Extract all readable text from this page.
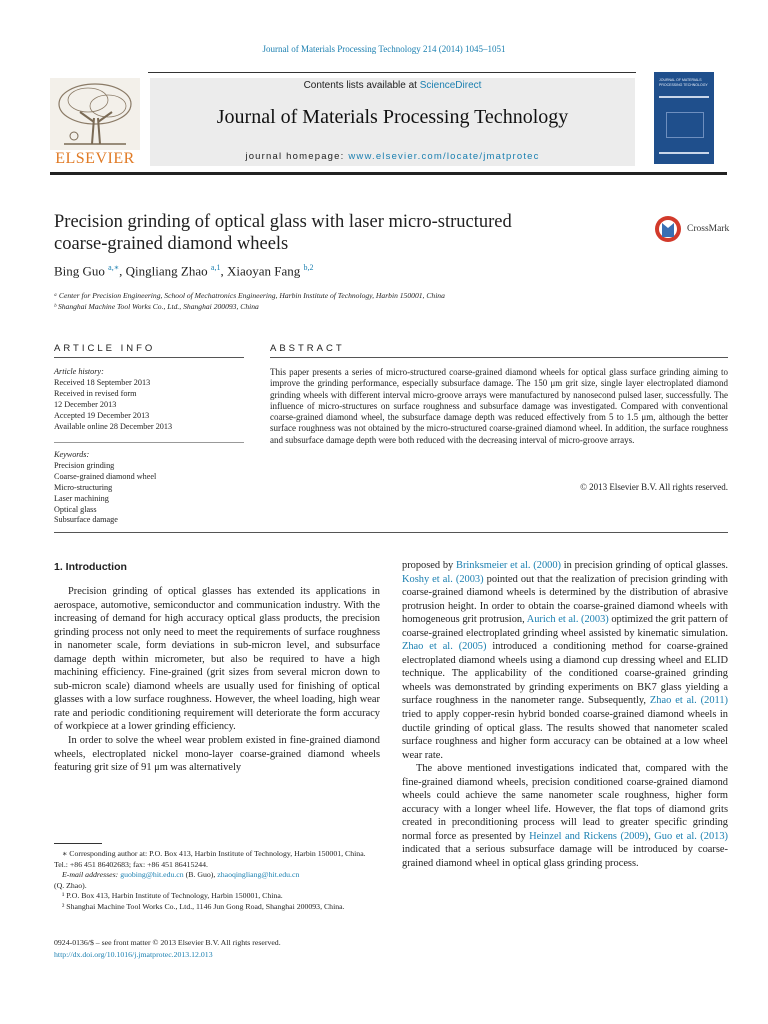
Journal of Materials Processing Technology 214 (2014) 1045–1051
ELSEVIER
Contents lists available at ScienceDirect
Journal of Materials Processing Technology
journal homepage: www.elsevier.com/locate/jmatprotec
JOURNAL OF MATERIALS PROCESSING TECHNOLOGY
Precision grinding of optical glass with laser micro-structured
coarse-grained diamond wheels
CrossMark
Bing Guo $^{a,∗}$, Qingliang Zhao $^{a,1}$, Xiaoyan Fang $^{b,2}$
ᵃ Center for Precision Engineering, School of Mechatronics Engineering, Harbin Institute of Technology, Harbin 150001, China
ᵇ Shanghai Machine Tool Works Co., Ltd., Shanghai 200093, China
ARTICLE INFO	ABSTRACT
Article history:
Received 18 September 2013
Received in revised form
12 December 2013
Accepted 19 December 2013
Available online 28 December 2013
Keywords:
Precision grinding
Coarse-grained diamond wheel
Micro-structuring
Laser machining
Optical glass
Subsurface damage
This paper presents a series of micro-structured coarse-grained diamond wheels for optical glass surface grinding aiming to improve the grinding performance, especially subsurface damage. The 150 μm grit size, single layer electroplated diamond grinding wheels with different interval micro-groove arrays were manufactured by nanosecond pulsed laser, successfully. The influence of micro-structures on surface roughness and subsurface damage was investigated. Compared with conventional coarse-grained diamond wheel, the subsurface damage depth was reduced effectively from 5 to 1.5 μm, although the better surface roughness was not obtained by the micro-structured coarse-grained diamond wheel. In addition, the surface roughness and subsurface damage depth were both reduced with the decreasing interval of micro-groove arrays.
© 2013 Elsevier B.V. All rights reserved.
1. Introduction

Precision grinding of optical glasses has extended its applications in aerospace, automotive, semiconductor and communication industry. With the increasing of demand for high accuracy optical glass products, the precision grinding process not only need to meet the requirements of surface roughness in nanometer scale, form deviations in sub-micron level, and subsurface damage depth within micrometer, but also be required to have a high machining efficiency. Fine-grained (grit sizes from several micron down to sub-micron scale) diamond wheels are usually used for finishing of optical glasses with a low surface roughness. However, the wheel loading, high wear rate and periodic conditioning requirement will deteriorate the form accuracy of workpiece at a lower grinding efficiency.

In order to solve the wheel wear problem existed in fine-grained diamond wheels, electroplated nickel mono-layer coarse-grained diamond wheels featuring grit size of 91 μm was alternatively

proposed by Brinksmeier et al. (2000) in precision grinding of optical glasses. Koshy et al. (2003) pointed out that the realization of precision grinding with coarse-grained diamond wheels is determined by the distribution of abrasive protrusion height. In order to obtain the coarse-grained diamond wheels with homogeneous grit protrusion, Aurich et al. (2003) optimized the grit pattern of coarse-grained electroplated grinding wheel assisted by kinematic simulation. Zhao et al. (2005) introduced a conditioning method for coarse-grained electroplated diamond wheels using a diamond cup dressing wheel and ELID technique. The applicability of the conditioned coarse-grained grinding wheels was demonstrated by grinding experiments on BK7 glass yielding a surface roughness in the nanometer range. Subsequently, Zhao et al. (2011) tried to apply copper-resin hybrid bonded coarse-grained diamond wheels in ductile grinding of optical glass. The results showed that nanometer scaled surface roughness and higher form accuracy can be obtained at a low wheel wear rate.

The above mentioned investigations indicated that, compared with the fine-grained diamond wheels, precision conditioned coarse-grained diamond wheels could achieve the same nanometer scale roughness, higher form accuracy with a longer wheel life. However, the flat tops of diamond grits created in preconditioning process will lead to greater specific grinding normal force as presented by Heinzel and Rickens (2009), Guo et al. (2013) indicated that a serious subsurface damage will be introduced by coarse-grained diamond wheel in optical glass grinding process.

∗ Corresponding author at: P.O. Box 413, Harbin Institute of Technology, Harbin 150001, China. Tel.: +86 451 86402683; fax: +86 451 86415244.
E-mail addresses: guobing@hit.edu.cn (B. Guo), zhaoqingliang@hit.edu.cn
(Q. Zhao).
¹ P.O. Box 413, Harbin Institute of Technology, Harbin 150001, China.
² Shanghai Machine Tool Works Co., Ltd., 1146 Jun Gong Road, Shanghai 200093, China.
0924-0136/$ – see front matter © 2013 Elsevier B.V. All rights reserved.
http://dx.doi.org/10.1016/j.jmatprotec.2013.12.013
